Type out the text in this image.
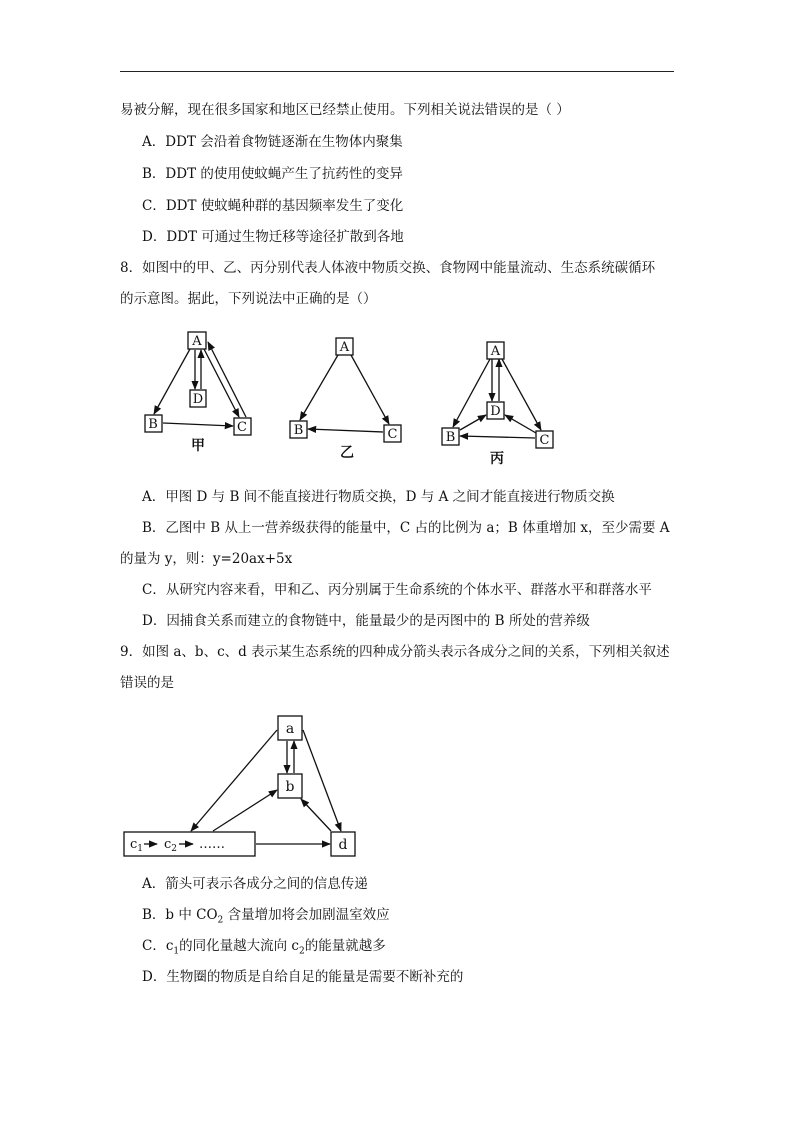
易被分解，现在很多国家和地区已经禁止使用。下列相关说法错误的是（ ）
A．DDT 会沿着食物链逐渐在生物体内聚集
B．DDT 的使用使蚊蝇产生了抗药性的变异
C．DDT 使蚊蝇种群的基因频率发生了变化
D．DDT 可通过生物迁移等途径扩散到各地
8．如图中的甲、乙、丙分别代表人体液中物质交换、食物网中能量流动、生态系统碳循环
的示意图。据此，下列说法中正确的是（）
A
D
B	C
甲
A
B	C
乙
A
D
B	C
丙
A．甲图 D 与 B 间不能直接进行物质交换，D 与 A 之间才能直接进行物质交换
B．乙图中 B 从上一营养级获得的能量中，C 占的比例为 a；B 体重增加 x，至少需要 A
的量为 y，则：y=20ax+5x
C．从研究内容来看，甲和乙、丙分别属于生命系统的个体水平、群落水平和群落水平
D．因捕食关系而建立的食物链中，能量最少的是丙图中的 B 所处的营养级
9．如图 a、b、c、d 表示某生态系统的四种成分箭头表示各成分之间的关系，下列相关叙述
错误的是
a
b
d
$c_1$ $c_2$ ……
A．箭头可表示各成分之间的信息传递
B．b 中 $CO_2$ 含量增加将会加剧温室效应
C．$c_1$的同化量越大流向 $c_2$的能量就越多
D．生物圈的物质是自给自足的能量是需要不断补充的
